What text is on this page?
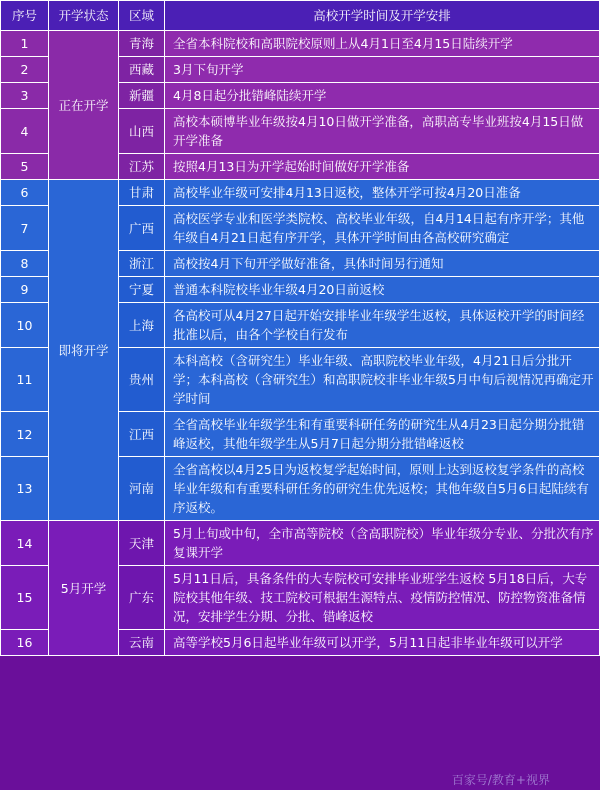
序号	开学状态	区域	高校开学时间及开学安排
1	正在开学	青海	全省本科院校和高职院校原则上从4月1日至4月15日陆续开学
2		西藏	3月下旬开学
3		新疆	4月8日起分批错峰陆续开学
4		山西	高校本硕博毕业年级按4月10日做开学准备，高职高专毕业班按4月15日做开学准备
5		江苏	按照4月13日为开学起始时间做好开学准备
6	即将开学	甘肃	高校毕业年级可安排4月13日返校，整体开学可按4月20日准备
7		广西	高校医学专业和医学类院校、高校毕业年级，自4月14日起有序开学；其他年级自4月21日起有序开学，具体开学时间由各高校研究确定
8		浙江	高校按4月下旬开学做好准备，具体时间另行通知
9		宁夏	普通本科院校毕业年级4月20日前返校
10		上海	各高校可从4月27日起开始安排毕业年级学生返校，具体返校开学的时间经批准以后，由各个学校自行发布
11		贵州	本科高校（含研究生）毕业年级、高职院校毕业年级，4月21日后分批开学；本科高校（含研究生）和高职院校非毕业年级5月中旬后视情况再确定开学时间
12		江西	全省高校毕业年级学生和有重要科研任务的研究生从4月23日起分期分批错峰返校，其他年级学生从5月7日起分期分批错峰返校
13		河南	全省高校以4月25日为返校复学起始时间，原则上达到返校复学条件的高校毕业年级和有重要科研任务的研究生优先返校；其他年级自5月6日起陆续有序返校。
14	5月开学	天津	5月上旬或中旬，全市高等院校（含高职院校）毕业年级分专业、分批次有序复课开学
15		广东	5月11日后，具备条件的大专院校可安排毕业班学生返校 5月18日后，大专院校其他年级、技工院校可根据生源特点、疫情防控情况、防控物资准备情况，安排学生分期、分批、错峰返校
16		云南	高等学校5月6日起毕业年级可以开学，5月11日起非毕业年级可以开学
百家号/教育+视界
